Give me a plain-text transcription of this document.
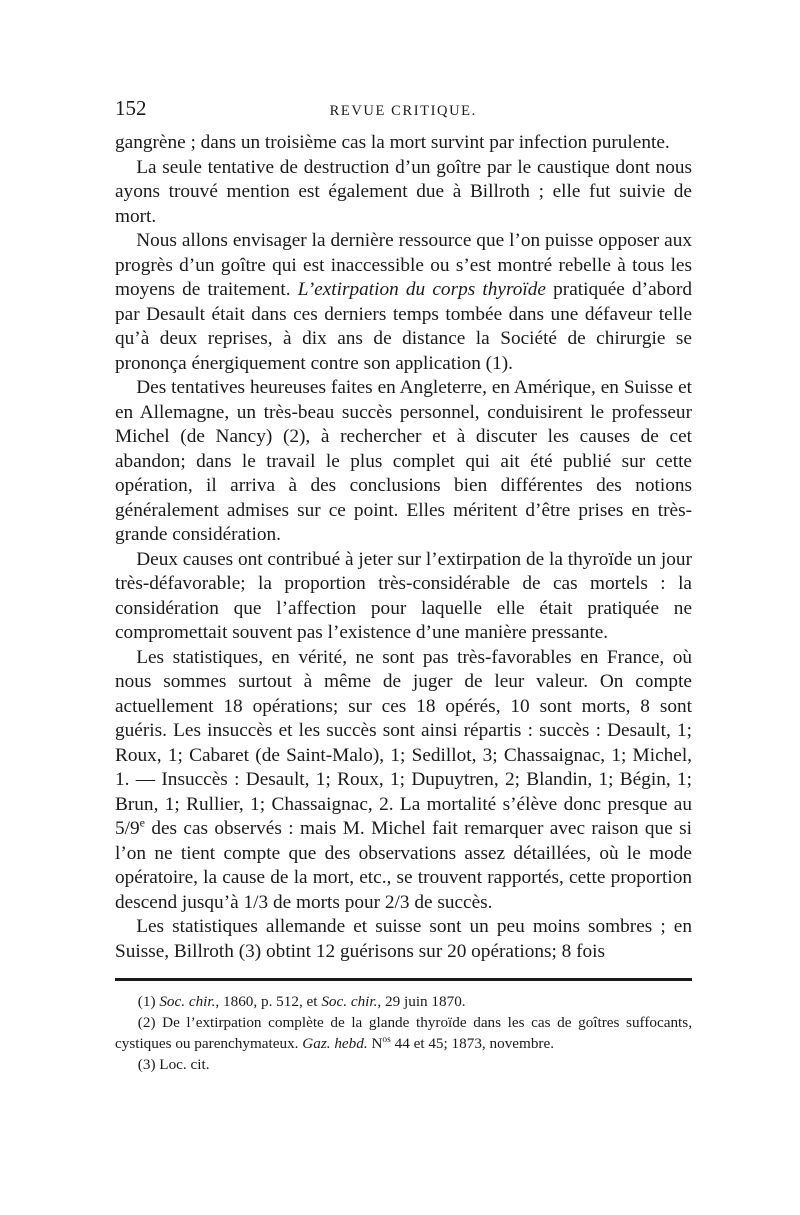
152	REVUE CRITIQUE.

gangrène ; dans un troisième cas la mort survint par infection purulente.

La seule tentative de destruction d’un goître par le caustique dont nous ayons trouvé mention est également due à Billroth ; elle fut suivie de mort.

Nous allons envisager la dernière ressource que l’on puisse opposer aux progrès d’un goître qui est inaccessible ou s’est montré rebelle à tous les moyens de traitement. L’extirpation du corps thyroïde pratiquée d’abord par Desault était dans ces derniers temps tombée dans une défaveur telle qu’à deux reprises, à dix ans de distance la Société de chirurgie se prononça énergiquement contre son application (1).

Des tentatives heureuses faites en Angleterre, en Amérique, en Suisse et en Allemagne, un très-beau succès personnel, conduisirent le professeur Michel (de Nancy) (2), à rechercher et à discuter les causes de cet abandon; dans le travail le plus complet qui ait été publié sur cette opération, il arriva à des conclusions bien différentes des notions généralement admises sur ce point. Elles méritent d’être prises en très-grande considération.

Deux causes ont contribué à jeter sur l’extirpation de la thyroïde un jour très-défavorable; la proportion très-considérable de cas mortels : la considération que l’affection pour laquelle elle était pratiquée ne compromettait souvent pas l’existence d’une manière pressante.

Les statistiques, en vérité, ne sont pas très-favorables en France, où nous sommes surtout à même de juger de leur valeur. On compte actuellement 18 opérations; sur ces 18 opérés, 10 sont morts, 8 sont guéris. Les insuccès et les succès sont ainsi répartis : succès : Desault, 1; Roux, 1; Cabaret (de Saint-Malo), 1; Sedillot, 3; Chassaignac, 1; Michel, 1. — Insuccès : Desault, 1; Roux, 1; Dupuytren, 2; Blandin, 1; Bégin, 1; Brun, 1; Rullier, 1; Chassaignac, 2. La mortalité s’élève donc presque au 5/9e des cas observés : mais M. Michel fait remarquer avec raison que si l’on ne tient compte que des observations assez détaillées, où le mode opératoire, la cause de la mort, etc., se trouvent rapportés, cette proportion descend jusqu’à 1/3 de morts pour 2/3 de succès.

Les statistiques allemande et suisse sont un peu moins sombres ; en Suisse, Billroth (3) obtint 12 guérisons sur 20 opérations; 8 fois

(1) Soc. chir., 1860, p. 512, et Soc. chir., 29 juin 1870.

(2) De l’extirpation complète de la glande thyroïde dans les cas de goîtres suffocants, cystiques ou parenchymateux. Gaz. hebd. $N^{os}$ 44 et 45; 1873, novembre.

(3) Loc. cit.
